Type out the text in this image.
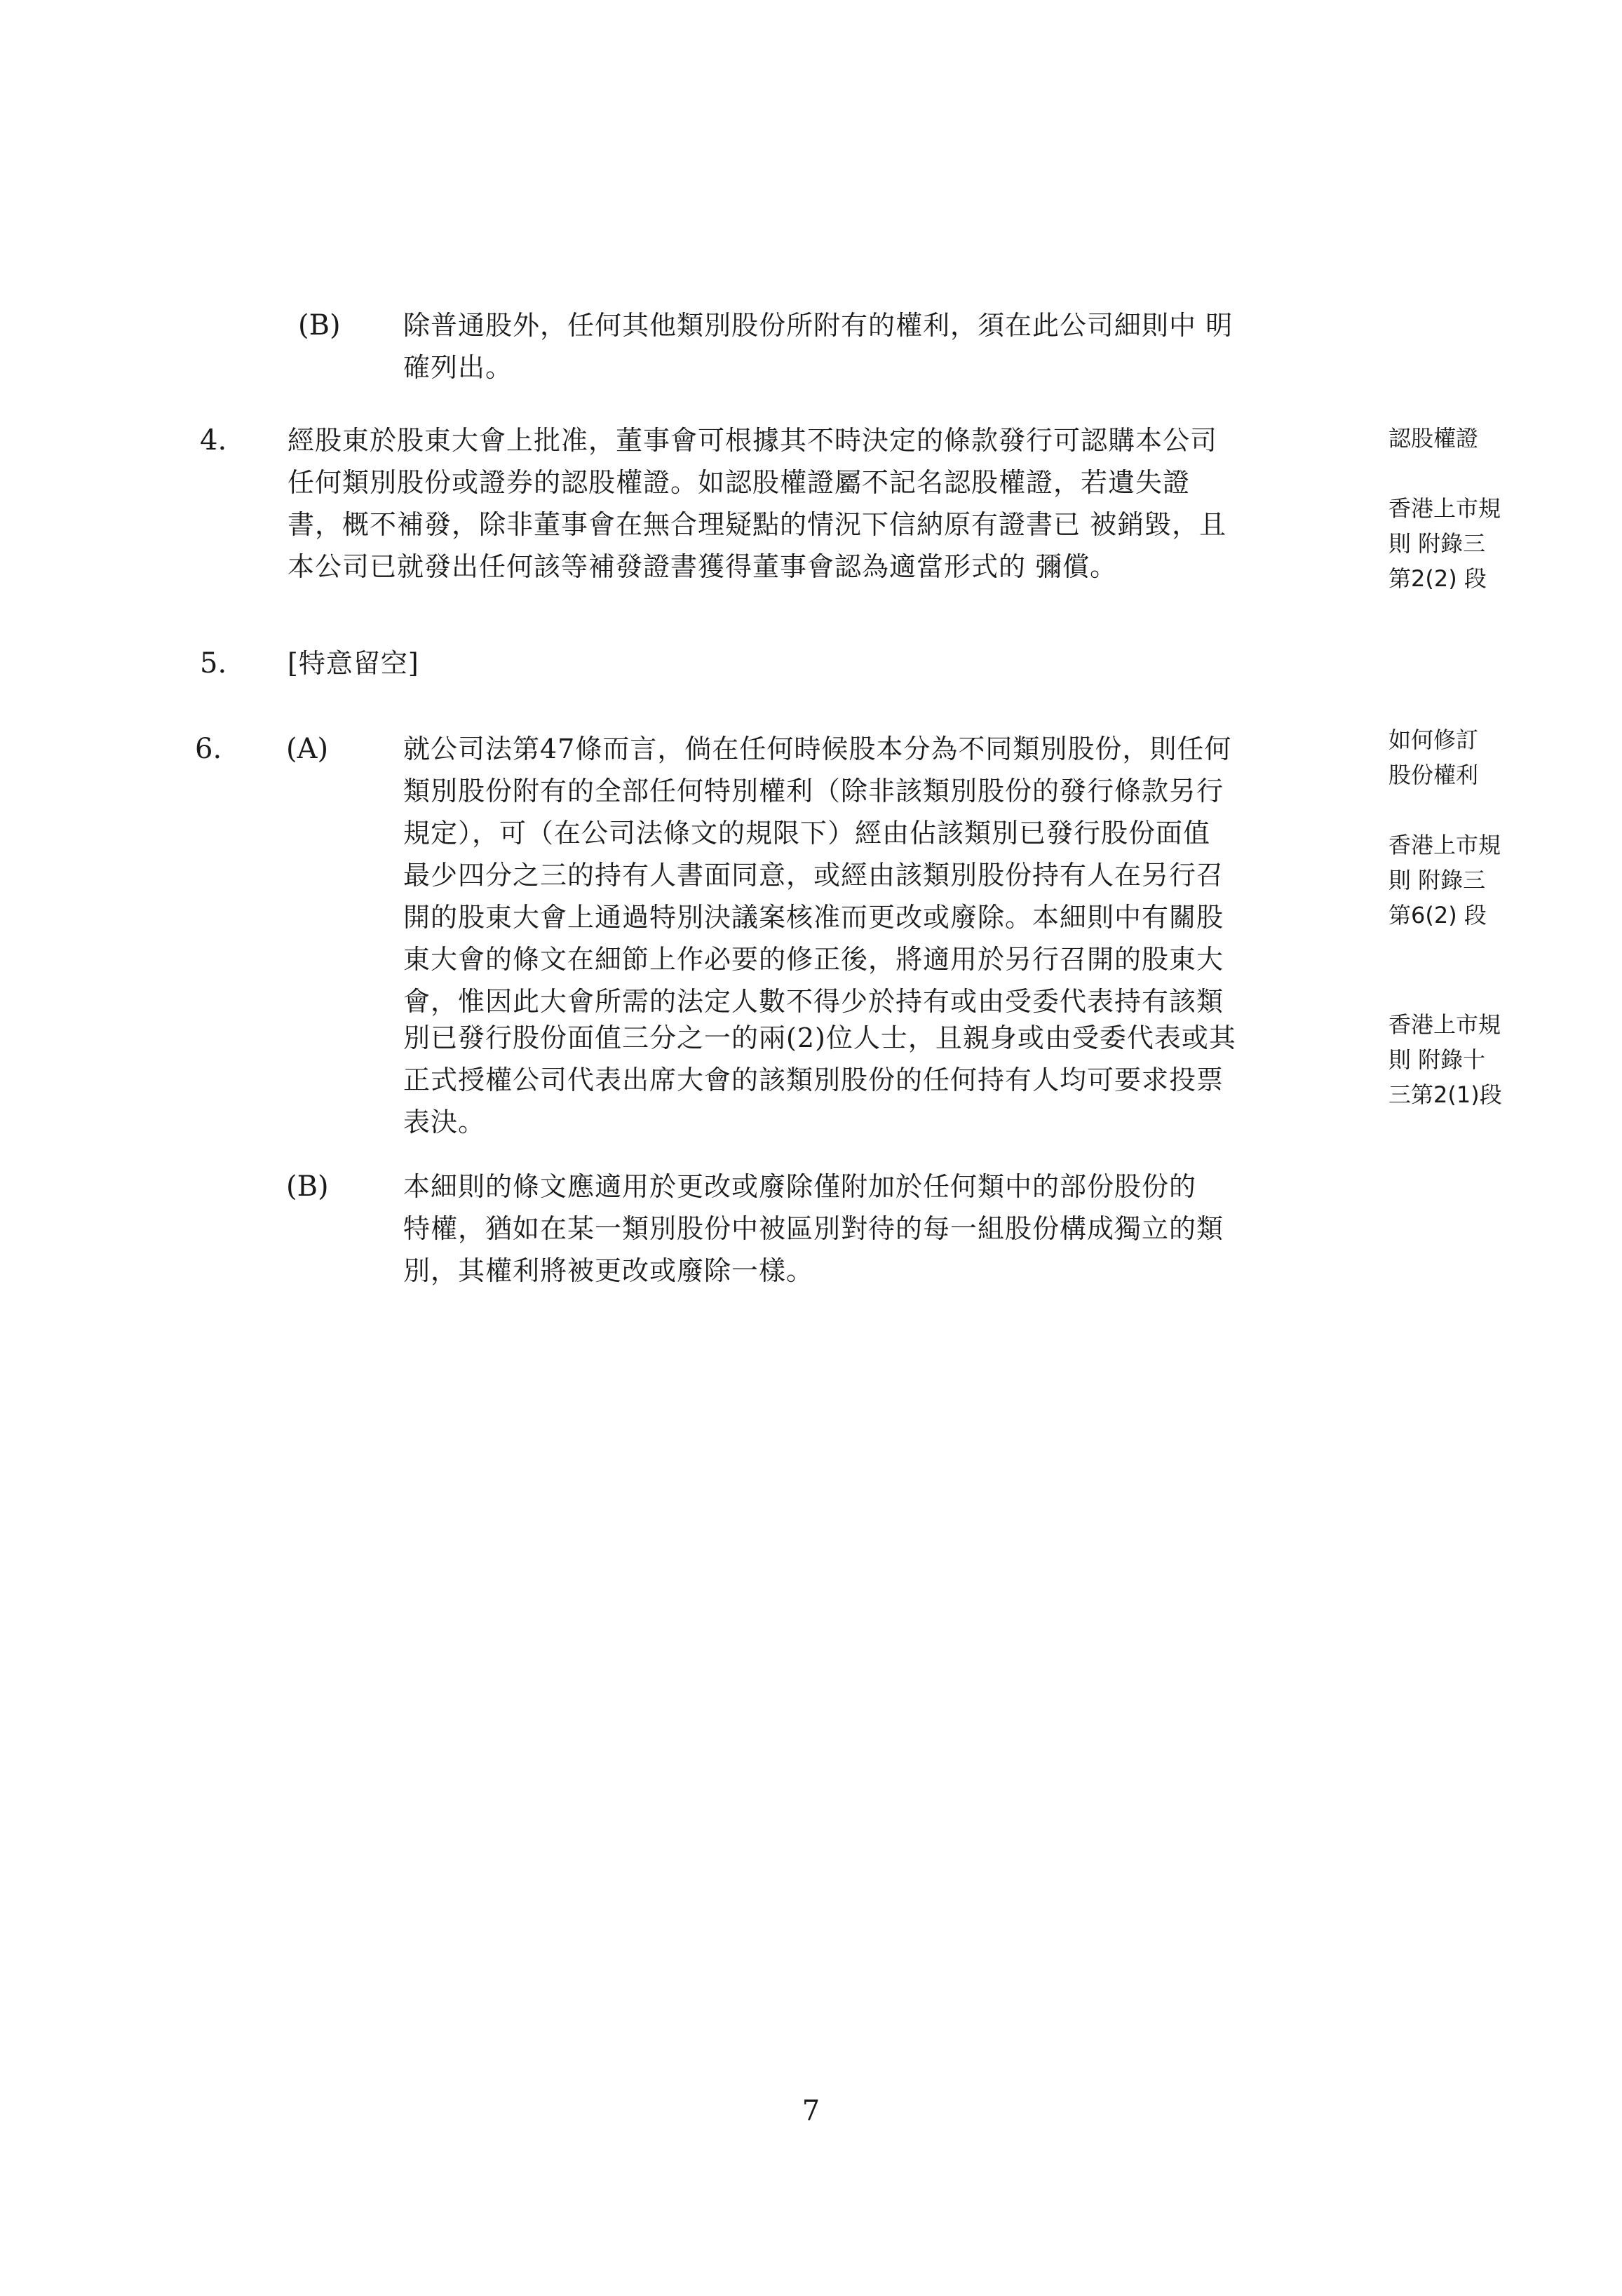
(B) 除普通股外，任何其他類別股份所附有的權利，須在此公司細則中 明
確列出。
4. 經股東於股東大會上批准，董事會可根據其不時決定的條款發行可認購本公司
任何類別股份或證券的認股權證。如認股權證屬不記名認股權證，若遺失證
書，概不補發，除非董事會在無合理疑點的情況下信納原有證書已 被銷毀，且
本公司已就發出任何該等補發證書獲得董事會認為適當形式的 彌償。
認股權證
香港上市規
則 附錄三
第2(2) 段
5. [特意留空]
6. (A)	就公司法第47條而言，倘在任何時候股本分為不同類別股份，則任何
類別股份附有的全部任何特別權利（除非該類別股份的發行條款另行
規定），可（在公司法條文的規限下）經由佔該類別已發行股份面值
最少四分之三的持有人書面同意，或經由該類別股份持有人在另行召
開的股東大會上通過特別決議案核准而更改或廢除。本細則中有關股
東大會的條文在細節上作必要的修正後，將適用於另行召開的股東大
會，惟因此大會所需的法定人數不得少於持有或由受委代表持有該類
別已發行股份面值三分之一的兩(2)位人士，且親身或由受委代表或其
正式授權公司代表出席大會的該類別股份的任何持有人均可要求投票
表決。
如何修訂
股份權利
香港上市規
則 附錄三
第6(2) 段
香港上市規
則 附錄十
三第2(1)段
(B)	本細則的條文應適用於更改或廢除僅附加於任何類中的部份股份的
特權，猶如在某一類別股份中被區別對待的每一組股份構成獨立的類
別，其權利將被更改或廢除一樣。
7
